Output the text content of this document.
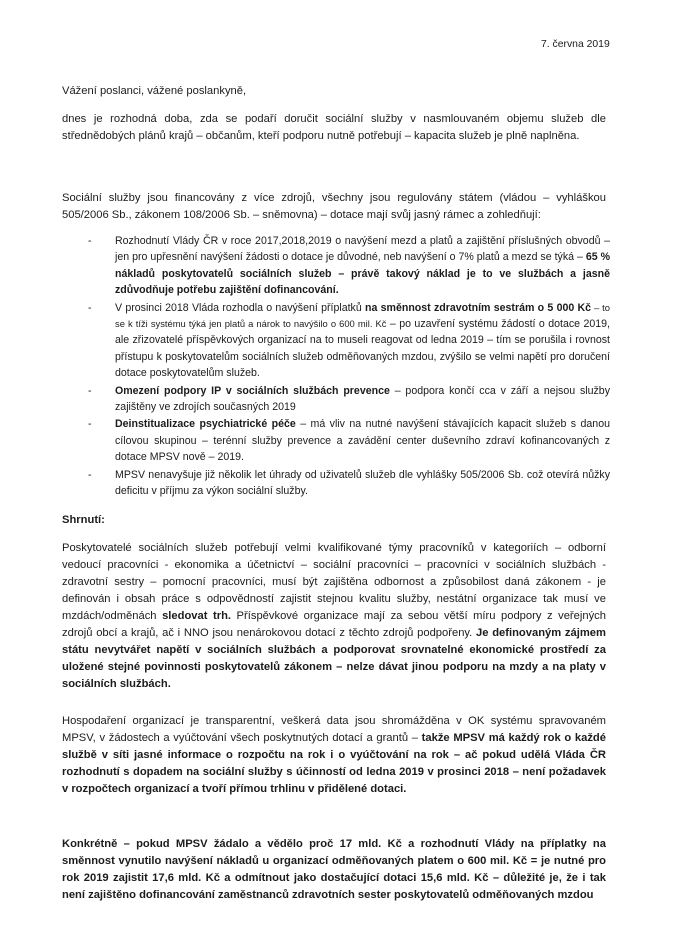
7. června 2019
Vážení poslanci, vážené poslankyně,

dnes je rozhodná doba, zda se podaří doručit sociální služby v nasmlouvaném objemu služeb dle střednědobých plánů krajů – občanům, kteří podporu nutně potřebují – kapacita služeb je plně naplněna.

Sociální služby jsou financovány z více zdrojů, všechny jsou regulovány státem (vládou – vyhláškou 505/2006 Sb., zákonem 108/2006 Sb. – sněmovna) – dotace mají svůj jasný rámec a zohledňují:

- Rozhodnutí Vlády ČR v roce 2017,2018,2019 o navýšení mezd a platů a zajištění příslušných obvodů – jen pro upřesnění navýšení žádosti o dotace je důvodné, neb navýšení o 7% platů a mezd se týká – 65 % nákladů poskytovatelů sociálních služeb – právě takový náklad je to ve službách a jasně zdůvodňuje potřebu zajištění dofinancování.
- V prosinci 2018 Vláda rozhodla o navýšení příplatků na směnnost zdravotním sestrám o 5 000 Kč – to se k tíži systému týká jen platů a nárok to navýšilo o 600 mil. Kč – po uzavření systému žádostí o dotace 2019, ale zřizovatelé příspěvkových organizací na to museli reagovat od ledna 2019 – tím se porušila i rovnost přístupu k poskytovatelům sociálních služeb odměňovaných mzdou, zvýšilo se velmi napětí pro doručení dotace poskytovatelům služeb.
- Omezení podpory IP v sociálních službách prevence – podpora končí cca v září a nejsou služby zajištěny ve zdrojích současných 2019
- Deinstitualizace psychiatrické péče – má vliv na nutné navýšení stávajících kapacit služeb s danou cílovou skupinou – terénní služby prevence a zavádění center duševního zdraví kofinancovaných z dotace MPSV nově – 2019.
- MPSV nenavyšuje již několik let úhrady od uživatelů služeb dle vyhlášky 505/2006 Sb. což otevírá nůžky deficitu v příjmu za výkon sociální služby.
Shrnutí:

Poskytovatelé sociálních služeb potřebují velmi kvalifikované týmy pracovníků v kategoriích – odborní vedoucí pracovníci - ekonomika a účetnictví – sociální pracovníci – pracovníci v sociálních službách - zdravotní sestry – pomocní pracovníci, musí být zajištěna odbornost a způsobilost daná zákonem - je definován i obsah práce s odpovědností zajistit stejnou kvalitu služby, nestátní organizace tak musí ve mzdách/odměnách sledovat trh. Příspěvkové organizace mají za sebou větší míru podpory z veřejných zdrojů obcí a krajů, ač i NNO jsou nenárokovou dotací z těchto zdrojů podpořeny. Je definovaným zájmem státu nevytvářet napětí v sociálních službách a podporovat srovnatelné ekonomické prostředí za uložené stejné povinnosti poskytovatelů zákonem – nelze dávat jinou podporu na mzdy a na platy v sociálních službách.

Hospodaření organizací je transparentní, veškerá data jsou shromážděna v OK systému spravovaném MPSV, v žádostech a vyúčtování všech poskytnutých dotací a grantů – takže MPSV má každý rok o každé službě v síti jasné informace o rozpočtu na rok i o vyúčtování na rok – ač pokud udělá Vláda ČR rozhodnutí s dopadem na sociální služby s účinností od ledna 2019 v prosinci 2018 – není požadavek v rozpočtech organizací a tvoří přímou trhlinu v přidělené dotaci.

Konkrétně – pokud MPSV žádalo a vědělo proč 17 mld. Kč a rozhodnutí Vlády na příplatky na směnnost vynutilo navýšení nákladů u organizací odměňovaných platem o 600 mil. Kč = je nutné pro rok 2019 zajistit 17,6 mld. Kč a odmítnout jako dostačující dotaci 15,6 mld. Kč – důležité je, že i tak není zajištěno dofinancování zaměstnanců zdravotních sester poskytovatelů odměňovaných mzdou
